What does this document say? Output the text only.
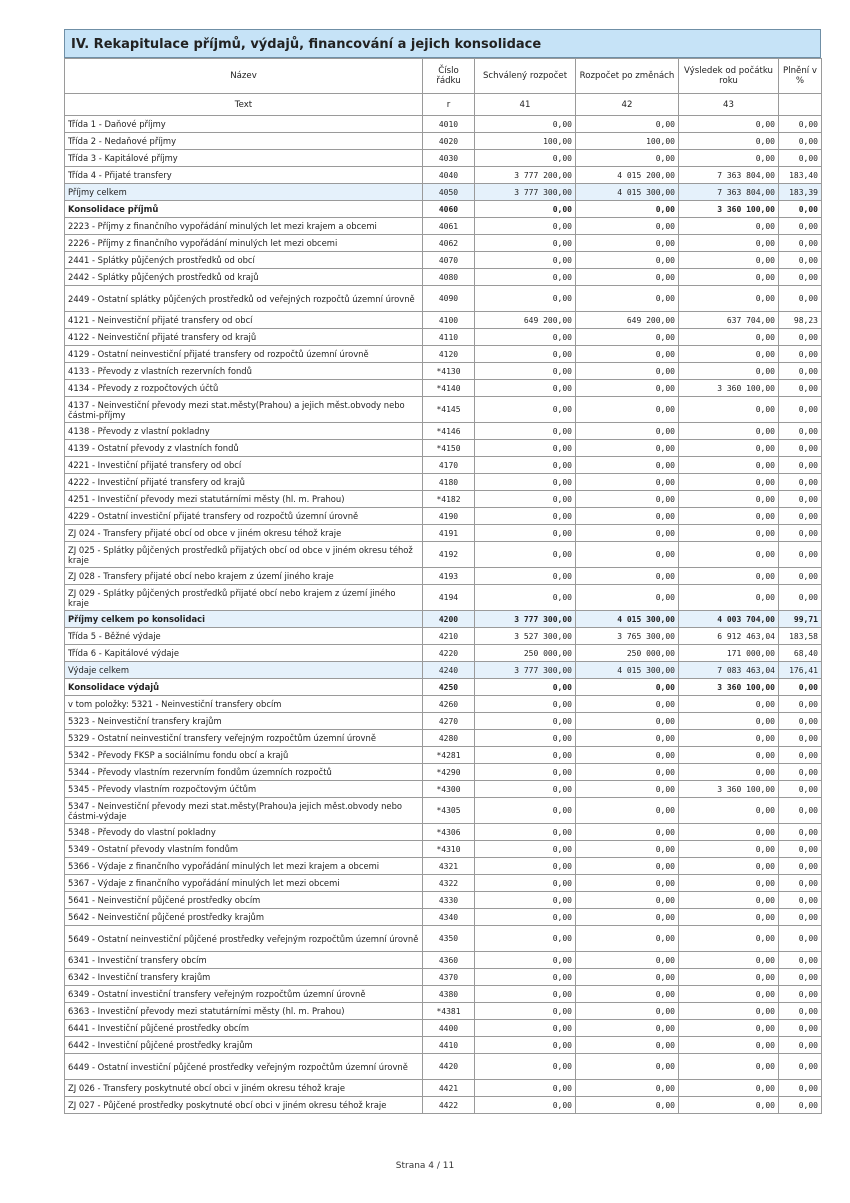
IV. Rekapitulace příjmů, výdajů, financování a jejich konsolidace
Název	Číslo řádku	Schválený rozpočet	Rozpočet po změnách	Výsledek od počátku roku	Plnění v %
Text	r	41	42	43	
Třída 1 - Daňové příjmy	4010	0,00	0,00	0,00	0,00
Třída 2 - Nedaňové příjmy	4020	100,00	100,00	0,00	0,00
Třída 3 - Kapitálové příjmy	4030	0,00	0,00	0,00	0,00
Třída 4 - Přijaté transfery	4040	3 777 200,00	4 015 200,00	7 363 804,00	183,40
Příjmy celkem	4050	3 777 300,00	4 015 300,00	7 363 804,00	183,39
Konsolidace příjmů	4060	0,00	0,00	3 360 100,00	0,00
2223 - Příjmy z finančního vypořádání minulých let mezi krajem a obcemi	4061	0,00	0,00	0,00	0,00
2226 - Příjmy z finančního vypořádání minulých let mezi obcemi	4062	0,00	0,00	0,00	0,00
2441 - Splátky půjčených prostředků od obcí	4070	0,00	0,00	0,00	0,00
2442 - Splátky půjčených prostředků od krajů	4080	0,00	0,00	0,00	0,00
2449 - Ostatní splátky půjčených prostředků od veřejných rozpočtů územní úrovně	4090	0,00	0,00	0,00	0,00
4121 - Neinvestiční přijaté transfery od obcí	4100	649 200,00	649 200,00	637 704,00	98,23
4122 - Neinvestiční přijaté transfery od krajů	4110	0,00	0,00	0,00	0,00
4129 - Ostatní neinvestiční přijaté transfery od rozpočtů územní úrovně	4120	0,00	0,00	0,00	0,00
4133 - Převody z vlastních rezervních fondů	*4130	0,00	0,00	0,00	0,00
4134 - Převody z rozpočtových účtů	*4140	0,00	0,00	3 360 100,00	0,00
4137 - Neinvestiční převody mezi stat.městy(Prahou) a jejich měst.obvody nebo částmi-příjmy	*4145	0,00	0,00	0,00	0,00
4138 - Převody z vlastní pokladny	*4146	0,00	0,00	0,00	0,00
4139 - Ostatní převody z vlastních fondů	*4150	0,00	0,00	0,00	0,00
4221 - Investiční přijaté transfery od obcí	4170	0,00	0,00	0,00	0,00
4222 - Investiční přijaté transfery od krajů	4180	0,00	0,00	0,00	0,00
4251 - Investiční převody mezi statutárními městy (hl. m. Prahou)	*4182	0,00	0,00	0,00	0,00
4229 - Ostatní investiční přijaté transfery od rozpočtů územní úrovně	4190	0,00	0,00	0,00	0,00
ZJ 024 - Transfery přijaté obcí od obce v jiném okresu téhož kraje	4191	0,00	0,00	0,00	0,00
ZJ 025 - Splátky půjčených prostředků přijatých obcí od obce v jiném okresu téhož kraje	4192	0,00	0,00	0,00	0,00
ZJ 028 - Transfery přijaté obcí nebo krajem z území jiného kraje	4193	0,00	0,00	0,00	0,00
ZJ 029 - Splátky půjčených prostředků přijaté obcí nebo krajem z území jiného kraje	4194	0,00	0,00	0,00	0,00
Příjmy celkem po konsolidaci	4200	3 777 300,00	4 015 300,00	4 003 704,00	99,71
Třída 5 - Běžné výdaje	4210	3 527 300,00	3 765 300,00	6 912 463,04	183,58
Třída 6 - Kapitálové výdaje	4220	250 000,00	250 000,00	171 000,00	68,40
Výdaje celkem	4240	3 777 300,00	4 015 300,00	7 083 463,04	176,41
Konsolidace výdajů	4250	0,00	0,00	3 360 100,00	0,00
v tom položky: 5321 - Neinvestiční transfery obcím	4260	0,00	0,00	0,00	0,00
5323 - Neinvestiční transfery krajům	4270	0,00	0,00	0,00	0,00
5329 - Ostatní neinvestiční transfery veřejným rozpočtům územní úrovně	4280	0,00	0,00	0,00	0,00
5342 - Převody FKSP a sociálnímu fondu obcí a krajů	*4281	0,00	0,00	0,00	0,00
5344 - Převody vlastním rezervním fondům územních rozpočtů	*4290	0,00	0,00	0,00	0,00
5345 - Převody vlastním rozpočtovým účtům	*4300	0,00	0,00	3 360 100,00	0,00
5347 - Neinvestiční převody mezi stat.městy(Prahou)a jejich měst.obvody nebo částmi-výdaje	*4305	0,00	0,00	0,00	0,00
5348 - Převody do vlastní pokladny	*4306	0,00	0,00	0,00	0,00
5349 - Ostatní převody vlastním fondům	*4310	0,00	0,00	0,00	0,00
5366 - Výdaje z finančního vypořádání minulých let mezi krajem a obcemi	4321	0,00	0,00	0,00	0,00
5367 - Výdaje z finančního vypořádání minulých let mezi obcemi	4322	0,00	0,00	0,00	0,00
5641 - Neinvestiční půjčené prostředky obcím	4330	0,00	0,00	0,00	0,00
5642 - Neinvestiční půjčené prostředky krajům	4340	0,00	0,00	0,00	0,00
5649 - Ostatní neinvestiční půjčené prostředky veřejným rozpočtům územní úrovně	4350	0,00	0,00	0,00	0,00
6341 - Investiční transfery obcím	4360	0,00	0,00	0,00	0,00
6342 - Investiční transfery krajům	4370	0,00	0,00	0,00	0,00
6349 - Ostatní investiční transfery veřejným rozpočtům územní úrovně	4380	0,00	0,00	0,00	0,00
6363 - Investiční převody mezi statutárními městy (hl. m. Prahou)	*4381	0,00	0,00	0,00	0,00
6441 - Investiční půjčené prostředky obcím	4400	0,00	0,00	0,00	0,00
6442 - Investiční půjčené prostředky krajům	4410	0,00	0,00	0,00	0,00
6449 - Ostatní investiční půjčené prostředky veřejným rozpočtům územní úrovně	4420	0,00	0,00	0,00	0,00
ZJ 026 - Transfery poskytnuté obcí obci v jiném okresu téhož kraje	4421	0,00	0,00	0,00	0,00
ZJ 027 - Půjčené prostředky poskytnuté obcí obci v jiném okresu téhož kraje	4422	0,00	0,00	0,00	0,00
Strana 4 / 11
